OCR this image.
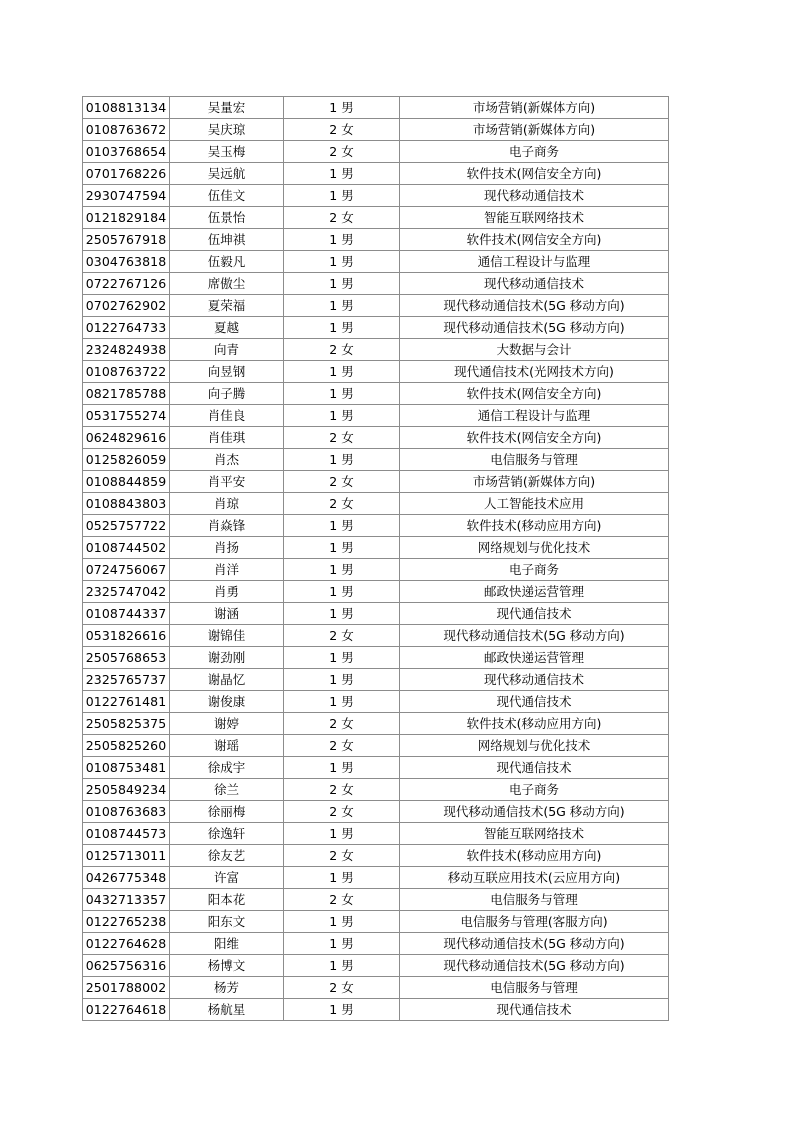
0108813134	吴量宏	1 男	市场营销(新媒体方向)
0108763672	吴庆琼	2 女	市场营销(新媒体方向)
0103768654	吴玉梅	2 女	电子商务
0701768226	吴远航	1 男	软件技术(网信安全方向)
2930747594	伍佳文	1 男	现代移动通信技术
0121829184	伍景怡	2 女	智能互联网络技术
2505767918	伍坤祺	1 男	软件技术(网信安全方向)
0304763818	伍毅凡	1 男	通信工程设计与监理
0722767126	席傲尘	1 男	现代移动通信技术
0702762902	夏荣福	1 男	现代移动通信技术(5G 移动方向)
0122764733	夏越	1 男	现代移动通信技术(5G 移动方向)
2324824938	向青	2 女	大数据与会计
0108763722	向昱钢	1 男	现代通信技术(光网技术方向)
0821785788	向子腾	1 男	软件技术(网信安全方向)
0531755274	肖佳良	1 男	通信工程设计与监理
0624829616	肖佳琪	2 女	软件技术(网信安全方向)
0125826059	肖杰	1 男	电信服务与管理
0108844859	肖平安	2 女	市场营销(新媒体方向)
0108843803	肖琼	2 女	人工智能技术应用
0525757722	肖焱锋	1 男	软件技术(移动应用方向)
0108744502	肖扬	1 男	网络规划与优化技术
0724756067	肖洋	1 男	电子商务
2325747042	肖勇	1 男	邮政快递运营管理
0108744337	谢涵	1 男	现代通信技术
0531826616	谢锦佳	2 女	现代移动通信技术(5G 移动方向)
2505768653	谢劲刚	1 男	邮政快递运营管理
2325765737	谢晶忆	1 男	现代移动通信技术
0122761481	谢俊康	1 男	现代通信技术
2505825375	谢婷	2 女	软件技术(移动应用方向)
2505825260	谢瑶	2 女	网络规划与优化技术
0108753481	徐成宇	1 男	现代通信技术
2505849234	徐兰	2 女	电子商务
0108763683	徐丽梅	2 女	现代移动通信技术(5G 移动方向)
0108744573	徐逸轩	1 男	智能互联网络技术
0125713011	徐友艺	2 女	软件技术(移动应用方向)
0426775348	许富	1 男	移动互联应用技术(云应用方向)
0432713357	阳本花	2 女	电信服务与管理
0122765238	阳东文	1 男	电信服务与管理(客服方向)
0122764628	阳维	1 男	现代移动通信技术(5G 移动方向)
0625756316	杨博文	1 男	现代移动通信技术(5G 移动方向)
2501788002	杨芳	2 女	电信服务与管理
0122764618	杨航星	1 男	现代通信技术
